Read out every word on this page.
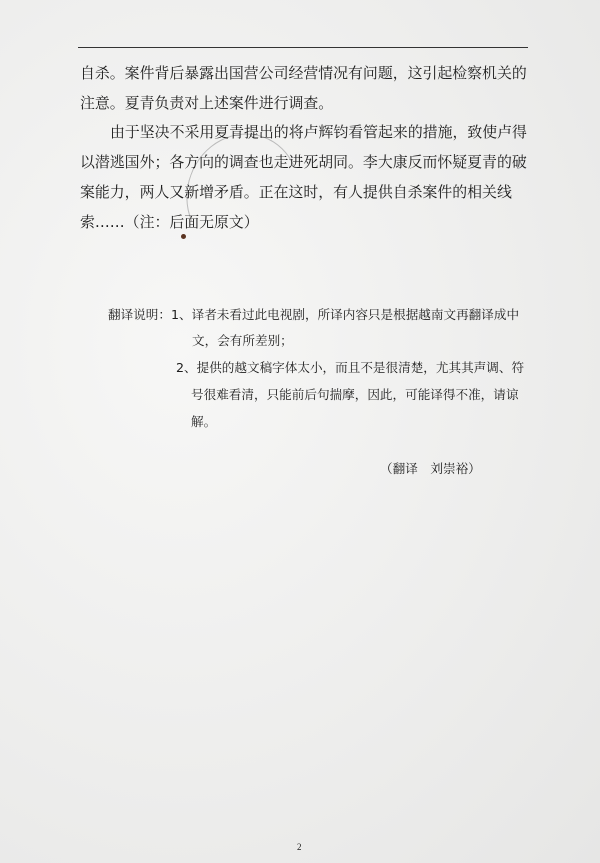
自杀。案件背后暴露出国营公司经营情况有问题，这引起检察机关的
注意。夏青负责对上述案件进行调查。
由于坚决不采用夏青提出的将卢辉钧看管起来的措施，致使卢得
以潜逃国外；各方向的调查也走进死胡同。李大康反而怀疑夏青的破
案能力，两人又新增矛盾。正在这时，有人提供自杀案件的相关线
索……（注：后面无原文）
翻译说明： 1、译者未看过此电视剧，所译内容只是根据越南文再翻译成中
文，会有所差别；
2、提供的越文稿字体太小，而且不是很清楚，尤其其声调、符
号很难看清，只能前后句揣摩，因此，可能译得不准，请谅
解。
（翻译　刘崇裕）
2
